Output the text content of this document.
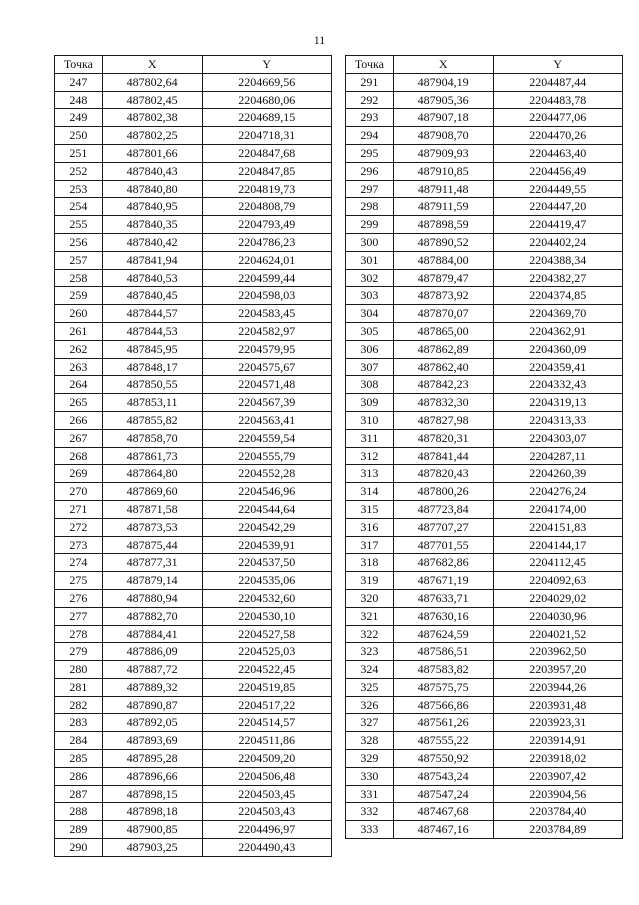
11
Точка	X	Y
247	487802,64	2204669,56
248	487802,45	2204680,06
249	487802,38	2204689,15
250	487802,25	2204718,31
251	487801,66	2204847,68
252	487840,43	2204847,85
253	487840,80	2204819,73
254	487840,95	2204808,79
255	487840,35	2204793,49
256	487840,42	2204786,23
257	487841,94	2204624,01
258	487840,53	2204599,44
259	487840,45	2204598,03
260	487844,57	2204583,45
261	487844,53	2204582,97
262	487845,95	2204579,95
263	487848,17	2204575,67
264	487850,55	2204571,48
265	487853,11	2204567,39
266	487855,82	2204563,41
267	487858,70	2204559,54
268	487861,73	2204555,79
269	487864,80	2204552,28
270	487869,60	2204546,96
271	487871,58	2204544,64
272	487873,53	2204542,29
273	487875,44	2204539,91
274	487877,31	2204537,50
275	487879,14	2204535,06
276	487880,94	2204532,60
277	487882,70	2204530,10
278	487884,41	2204527,58
279	487886,09	2204525,03
280	487887,72	2204522,45
281	487889,32	2204519,85
282	487890,87	2204517,22
283	487892,05	2204514,57
284	487893,69	2204511,86
285	487895,28	2204509,20
286	487896,66	2204506,48
287	487898,15	2204503,45
288	487898,18	2204503,43
289	487900,85	2204496,97
290	487903,25	2204490,43
Точка	X	Y
291	487904,19	2204487,44
292	487905,36	2204483,78
293	487907,18	2204477,06
294	487908,70	2204470,26
295	487909,93	2204463,40
296	487910,85	2204456,49
297	487911,48	2204449,55
298	487911,59	2204447,20
299	487898,59	2204419,47
300	487890,52	2204402,24
301	487884,00	2204388,34
302	487879,47	2204382,27
303	487873,92	2204374,85
304	487870,07	2204369,70
305	487865,00	2204362,91
306	487862,89	2204360,09
307	487862,40	2204359,41
308	487842,23	2204332,43
309	487832,30	2204319,13
310	487827,98	2204313,33
311	487820,31	2204303,07
312	487841,44	2204287,11
313	487820,43	2204260,39
314	487800,26	2204276,24
315	487723,84	2204174,00
316	487707,27	2204151,83
317	487701,55	2204144,17
318	487682,86	2204112,45
319	487671,19	2204092,63
320	487633,71	2204029,02
321	487630,16	2204030,96
322	487624,59	2204021,52
323	487586,51	2203962,50
324	487583,82	2203957,20
325	487575,75	2203944,26
326	487566,86	2203931,48
327	487561,26	2203923,31
328	487555,22	2203914,91
329	487550,92	2203918,02
330	487543,24	2203907,42
331	487547,24	2203904,56
332	487467,68	2203784,40
333	487467,16	2203784,89
